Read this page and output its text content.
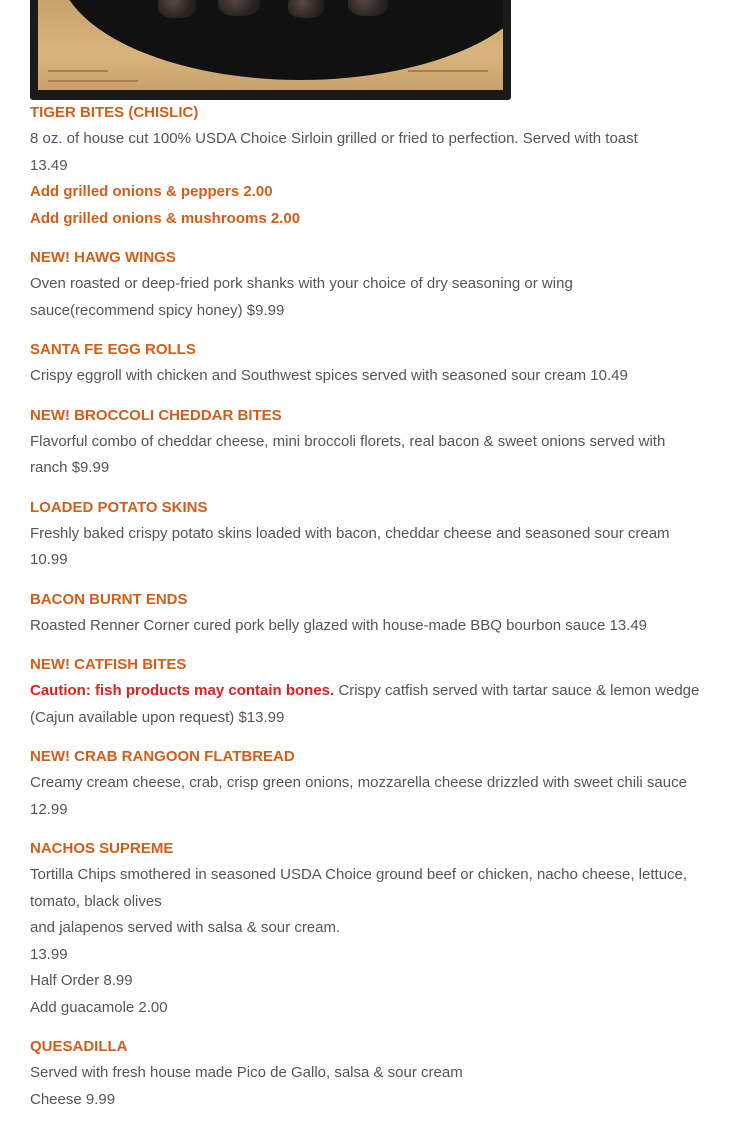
TIGER BITES (CHISLIC)

8 oz. of house cut 100% USDA Choice Sirloin grilled or fried to perfection. Served with toast

13.49

Add grilled onions & peppers 2.00

Add grilled onions & mushrooms 2.00

NEW! HAWG WINGS

Oven roasted or deep-fried pork shanks with your choice of dry seasoning or wing sauce(recommend spicy honey) $9.99

SANTA FE EGG ROLLS

Crispy eggroll with chicken and Southwest spices served with seasoned sour cream 10.49

NEW! BROCCOLI CHEDDAR BITES

Flavorful combo of cheddar cheese, mini broccoli florets, real bacon & sweet onions served with ranch $9.99

LOADED POTATO SKINS

Freshly baked crispy potato skins loaded with bacon, cheddar cheese and seasoned sour cream 10.99

BACON BURNT ENDS

Roasted Renner Corner cured pork belly glazed with house-made BBQ bourbon sauce 13.49

NEW! CATFISH BITES

Caution: fish products may contain bones. Crispy catfish served with tartar sauce & lemon wedge (Cajun available upon request) $13.99

NEW! CRAB RANGOON FLATBREAD

Creamy cream cheese, crab, crisp green onions, mozzarella cheese drizzled with sweet chili sauce 12.99

NACHOS SUPREME

Tortilla Chips smothered in seasoned USDA Choice ground beef or chicken, nacho cheese, lettuce, tomato, black olives

and jalapenos served with salsa & sour cream.

13.99

Half Order 8.99

Add guacamole 2.00

QUESADILLA

Served with fresh house made Pico de Gallo, salsa & sour cream

Cheese 9.99
